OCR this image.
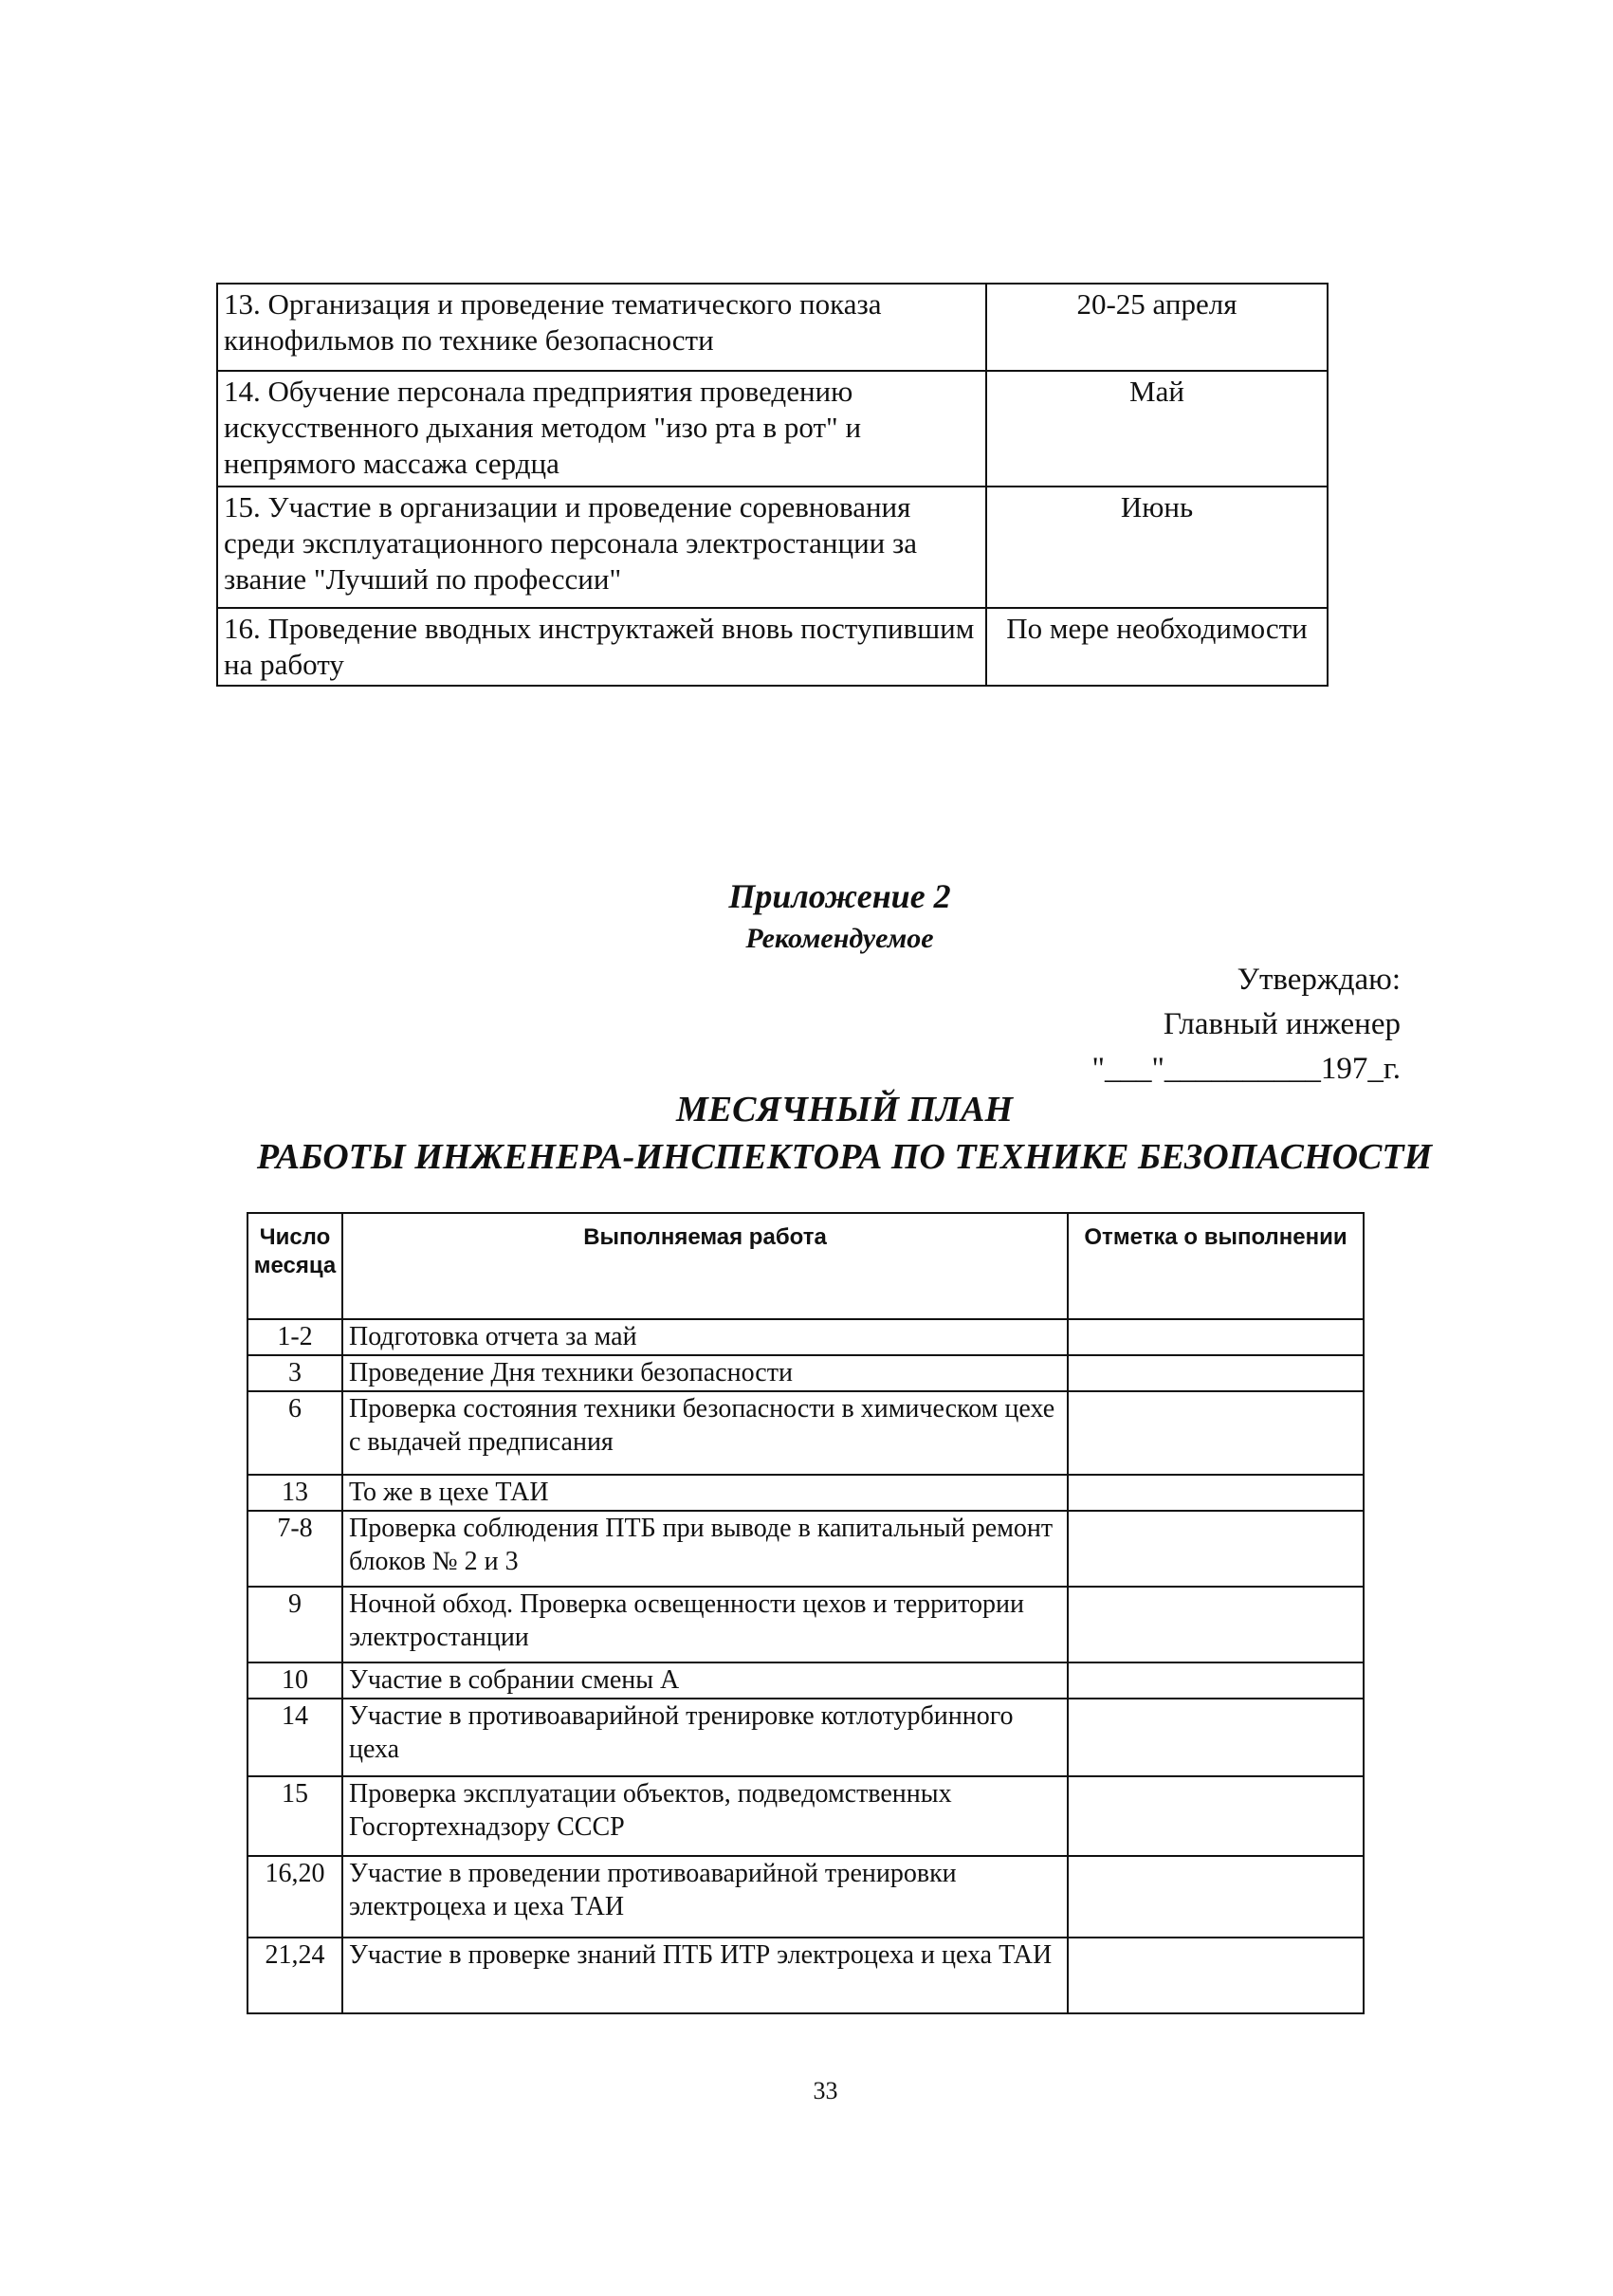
13. Организация и проведение тематического показа кинофильмов по технике безопасности	20-25 апреля
14. Обучение персонала предприятия проведению искусственного дыхания методом "изо рта в рот" и непрямого массажа сердца	Май
15. Участие в организации и проведение соревнования среди эксплуатационного персонала электростанции за звание "Лучший по профессии"	Июнь
16. Проведение вводных инструктажей вновь поступившим на работу	По мере необходимости
Приложение 2
Рекомендуемое
Утверждаю:
Главный инженер
"___"__________197_г.
МЕСЯЧНЫЙ ПЛАН
РАБОТЫ ИНЖЕНЕРА-ИНСПЕКТОРА ПО ТЕХНИКЕ БЕЗОПАСНОСТИ
Число месяца	Выполняемая работа	Отметка о выполнении
1-2	Подготовка отчета за май	
3	Проведение Дня техники безопасности	
6	Проверка состояния техники безопасности в химическом цехе с выдачей предписания	
13	То же в цехе ТАИ	
7-8	Проверка соблюдения ПТБ при выводе в капитальный ремонт блоков № 2 и 3	
9	Ночной обход. Проверка освещенности цехов и территории электростанции	
10	Участие в собрании смены А	
14	Участие в противоаварийной тренировке котлотурбинного цеха	
15	Проверка эксплуатации объектов, подведомственных Госгортехнадзору СССР	
16,20	Участие в проведении противоаварийной тренировки электроцеха и цеха ТАИ	
21,24	Участие в проверке знаний ПТБ ИТР электроцеха и цеха ТАИ	
33
